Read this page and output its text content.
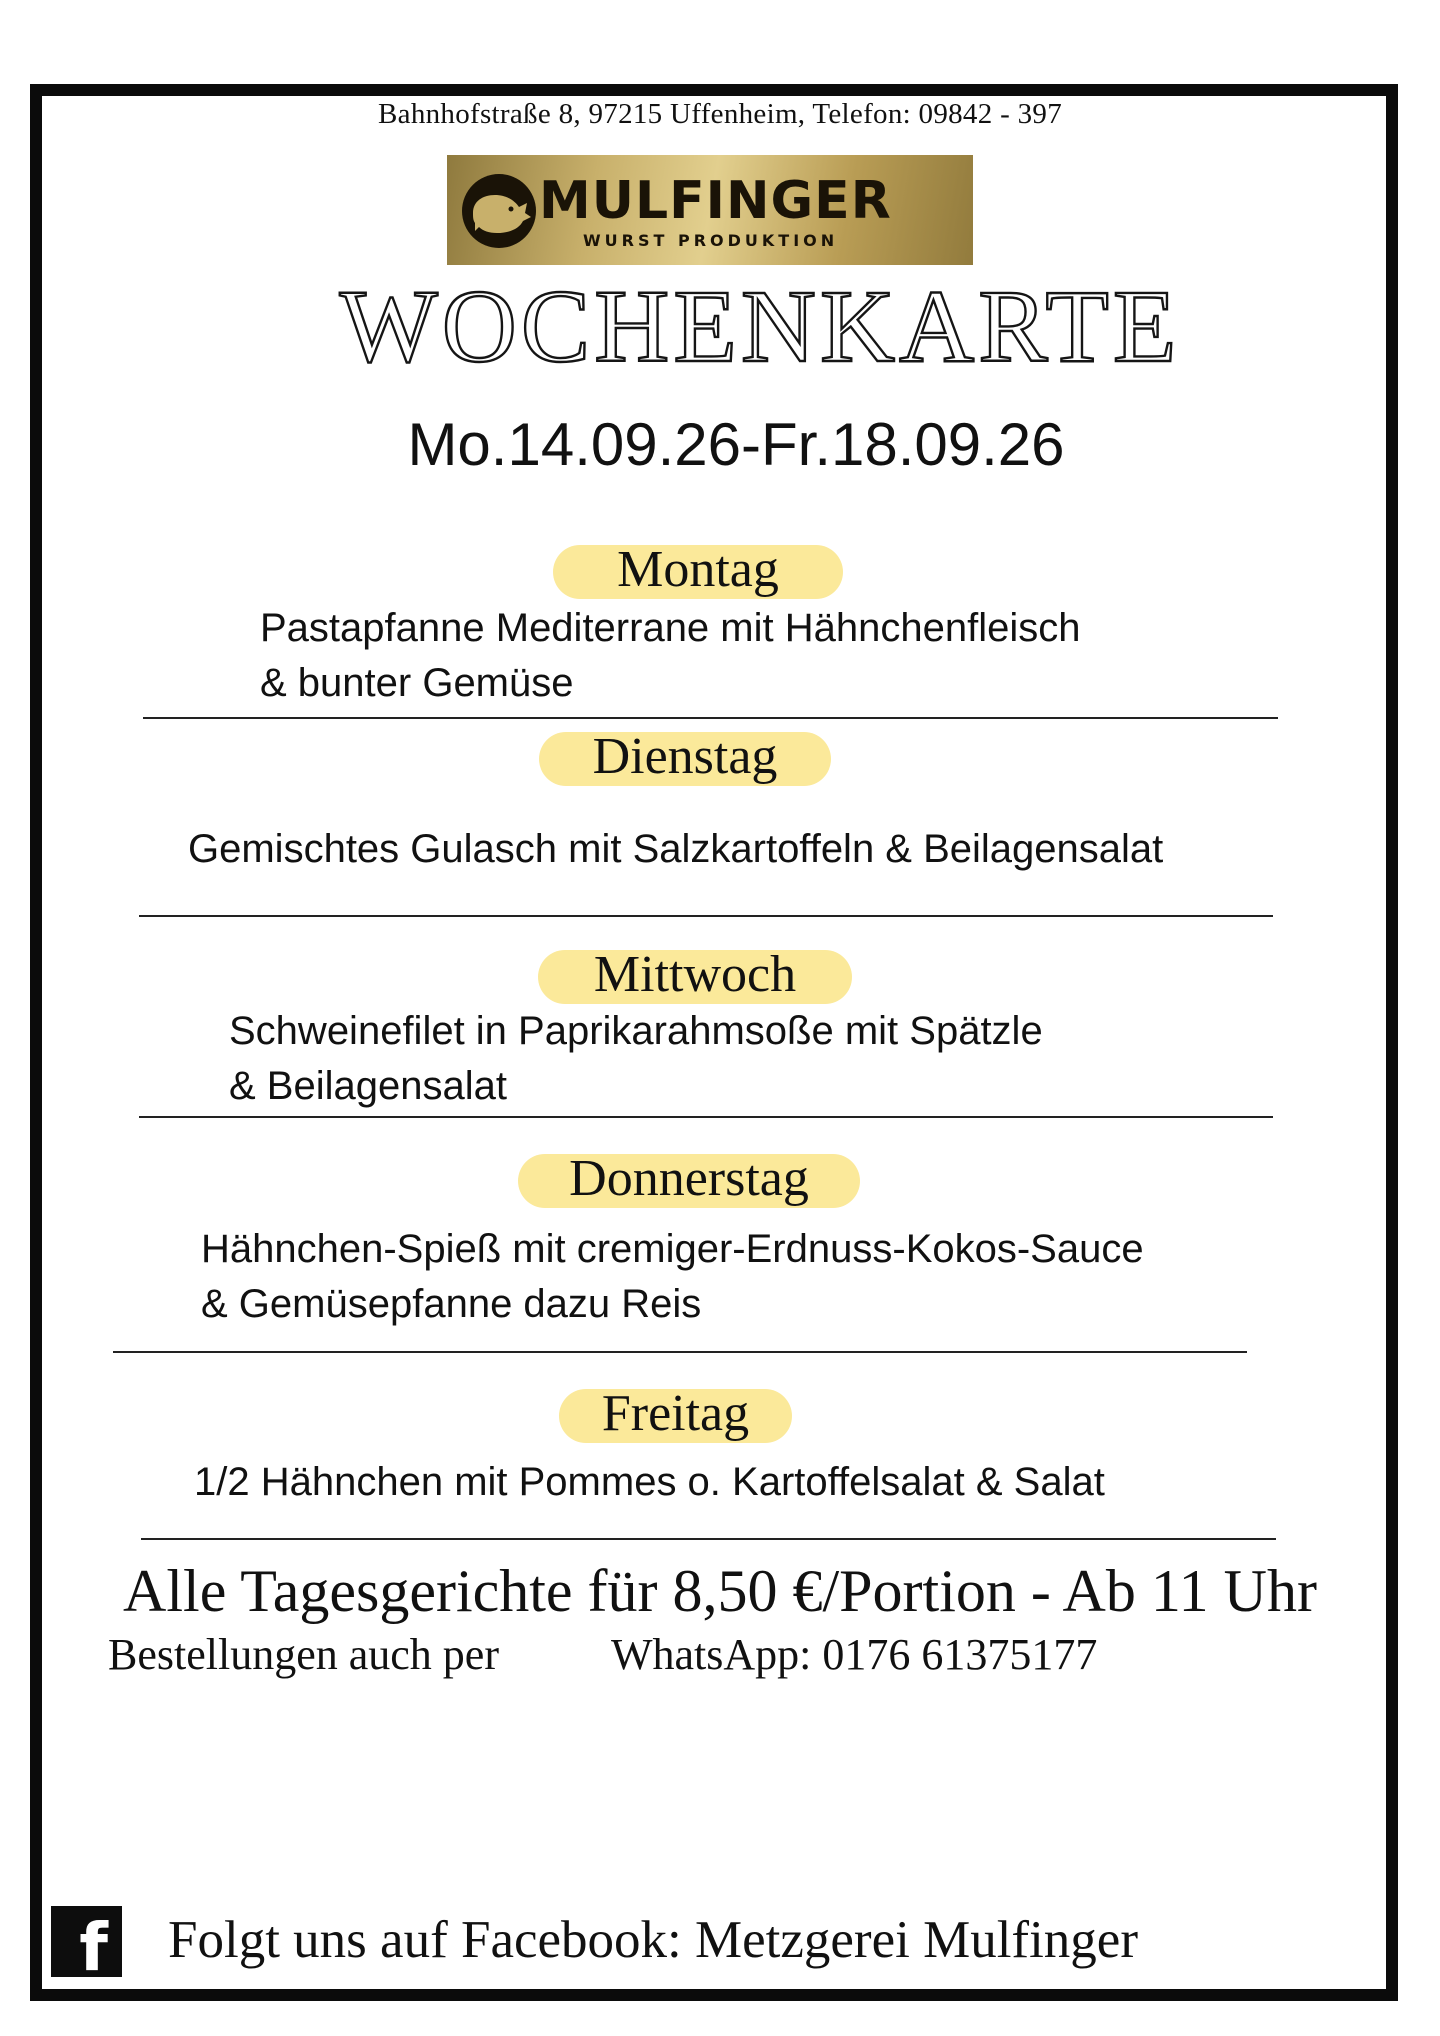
Bahnhofstraße 8, 97215 Uffenheim, Telefon: 09842 - 397
MULFINGER
WURST PRODUKTION
WOCHENKARTE
Mo.14.09.26-Fr.18.09.26
Montag
Pastapfanne Mediterrane mit Hähnchenfleisch
& bunter Gemüse
Dienstag
Gemischtes Gulasch mit Salzkartoffeln & Beilagensalat
Mittwoch
Schweinefilet in Paprikarahmsoße mit Spätzle
& Beilagensalat
Donnerstag
Hähnchen-Spieß mit cremiger-Erdnuss-Kokos-Sauce
& Gemüsepfanne dazu Reis
Freitag
1/2 Hähnchen mit Pommes o. Kartoffelsalat & Salat
Alle Tagesgerichte für 8,50 €/Portion - Ab 11 Uhr
Bestellungen auch per	WhatsApp: 0176 61375177
f Folgt uns auf Facebook: Metzgerei Mulfinger
